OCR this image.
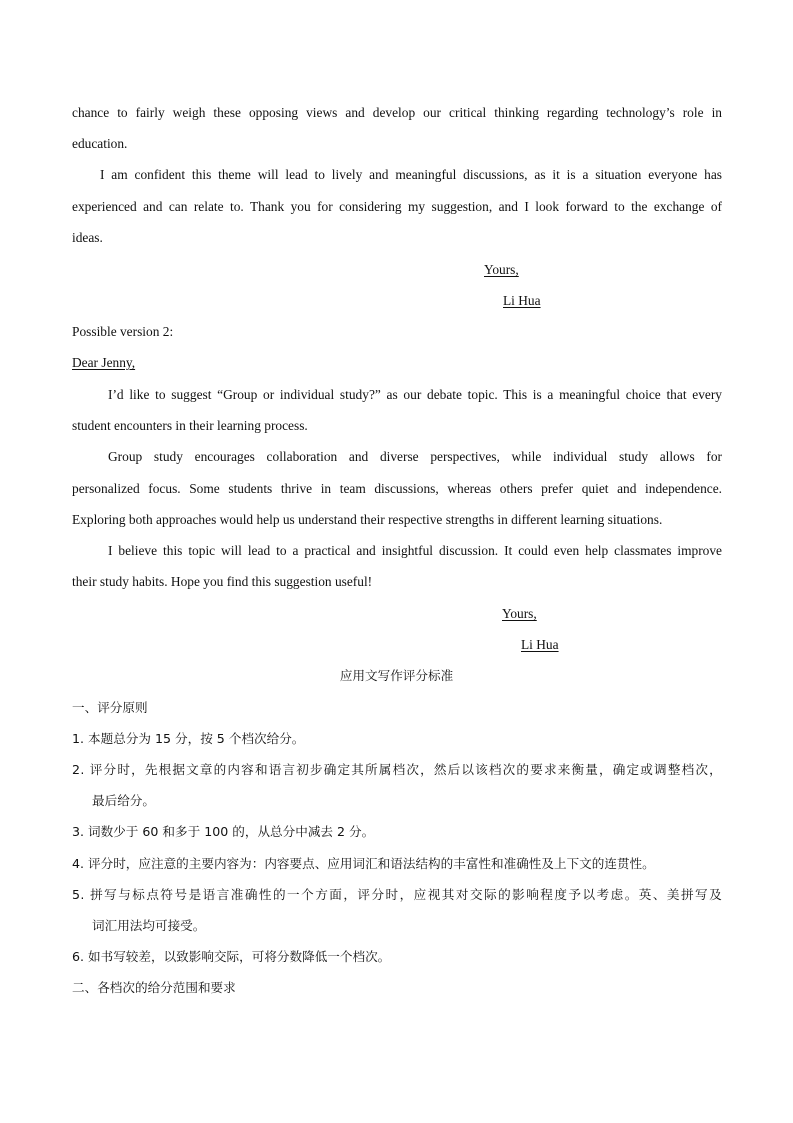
chance to fairly weigh these opposing views and develop our critical thinking regarding technology’s role in
education.
I am confident this theme will lead to lively and meaningful discussions, as it is a situation everyone has
experienced and can relate to. Thank you for considering my suggestion, and I look forward to the exchange of
ideas.
Yours,
Li Hua
Possible version 2:
Dear Jenny,
I’d like to suggest “Group or individual study?” as our debate topic. This is a meaningful choice that every
student encounters in their learning process.
Group study encourages collaboration and diverse perspectives, while individual study allows for
personalized focus. Some students thrive in team discussions, whereas others prefer quiet and independence.
Exploring both approaches would help us understand their respective strengths in different learning situations.
I believe this topic will lead to a practical and insightful discussion. It could even help classmates improve
their study habits. Hope you find this suggestion useful!
Yours,
Li Hua
应用文写作评分标准
一、评分原则
1. 本题总分为 15 分，按 5 个档次给分。
2. 评分时，先根据文章的内容和语言初步确定其所属档次，然后以该档次的要求来衡量，确定或调整档次，
最后给分。
3. 词数少于 60 和多于 100 的，从总分中减去 2 分。
4. 评分时，应注意的主要内容为：内容要点、应用词汇和语法结构的丰富性和准确性及上下文的连贯性。
5. 拼写与标点符号是语言准确性的一个方面，评分时，应视其对交际的影响程度予以考虑。英、美拼写及
词汇用法均可接受。
6. 如书写较差，以致影响交际，可将分数降低一个档次。
二、各档次的给分范围和要求
